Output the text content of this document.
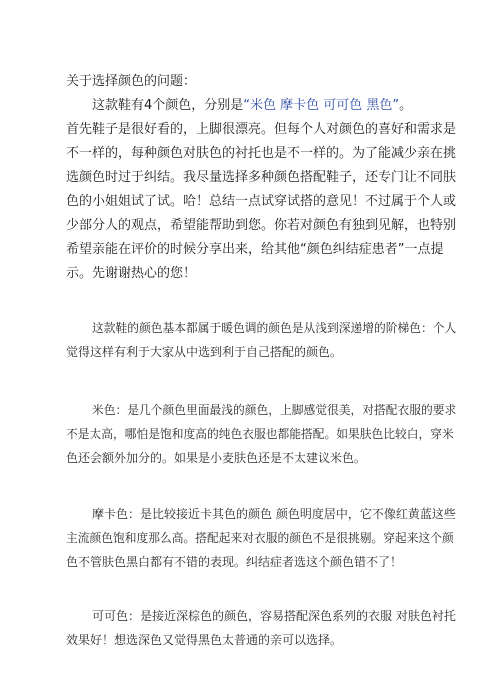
关于选择颜色的问题：
这款鞋有4个颜色，分别是“米色 摩卡色 可可色 黑色”。
首先鞋子是很好看的，上脚很漂亮。但每个人对颜色的喜好和需求是
不一样的，每种颜色对肤色的衬托也是不一样的。为了能减少亲在挑
选颜色时过于纠结。我尽量选择多种颜色搭配鞋子，还专门让不同肤
色的小姐姐试了试。哈！总结一点试穿试搭的意见！不过属于个人或
少部分人的观点，希望能帮助到您。你若对颜色有独到见解，也特别
希望亲能在评价的时候分享出来，给其他“颜色纠结症患者”一点提
示。先谢谢热心的您！
这款鞋的颜色基本都属于暖色调的颜色是从浅到深递增的阶梯色：个人
觉得这样有利于大家从中选到利于自己搭配的颜色。
米色：是几个颜色里面最浅的颜色，上脚感觉很美，对搭配衣服的要求
不是太高，哪怕是饱和度高的纯色衣服也都能搭配。如果肤色比较白，穿米
色还会额外加分的。如果是小麦肤色还是不太建议米色。
摩卡色：是比较接近卡其色的颜色 颜色明度居中，它不像红黄蓝这些
主流颜色饱和度那么高。搭配起来对衣服的颜色不是很挑剔。穿起来这个颜
色不管肤色黑白都有不错的表现。纠结症者选这个颜色错不了！
可可色：是接近深棕色的颜色，容易搭配深色系列的衣服 对肤色衬托
效果好！想选深色又觉得黑色太普通的亲可以选择。
